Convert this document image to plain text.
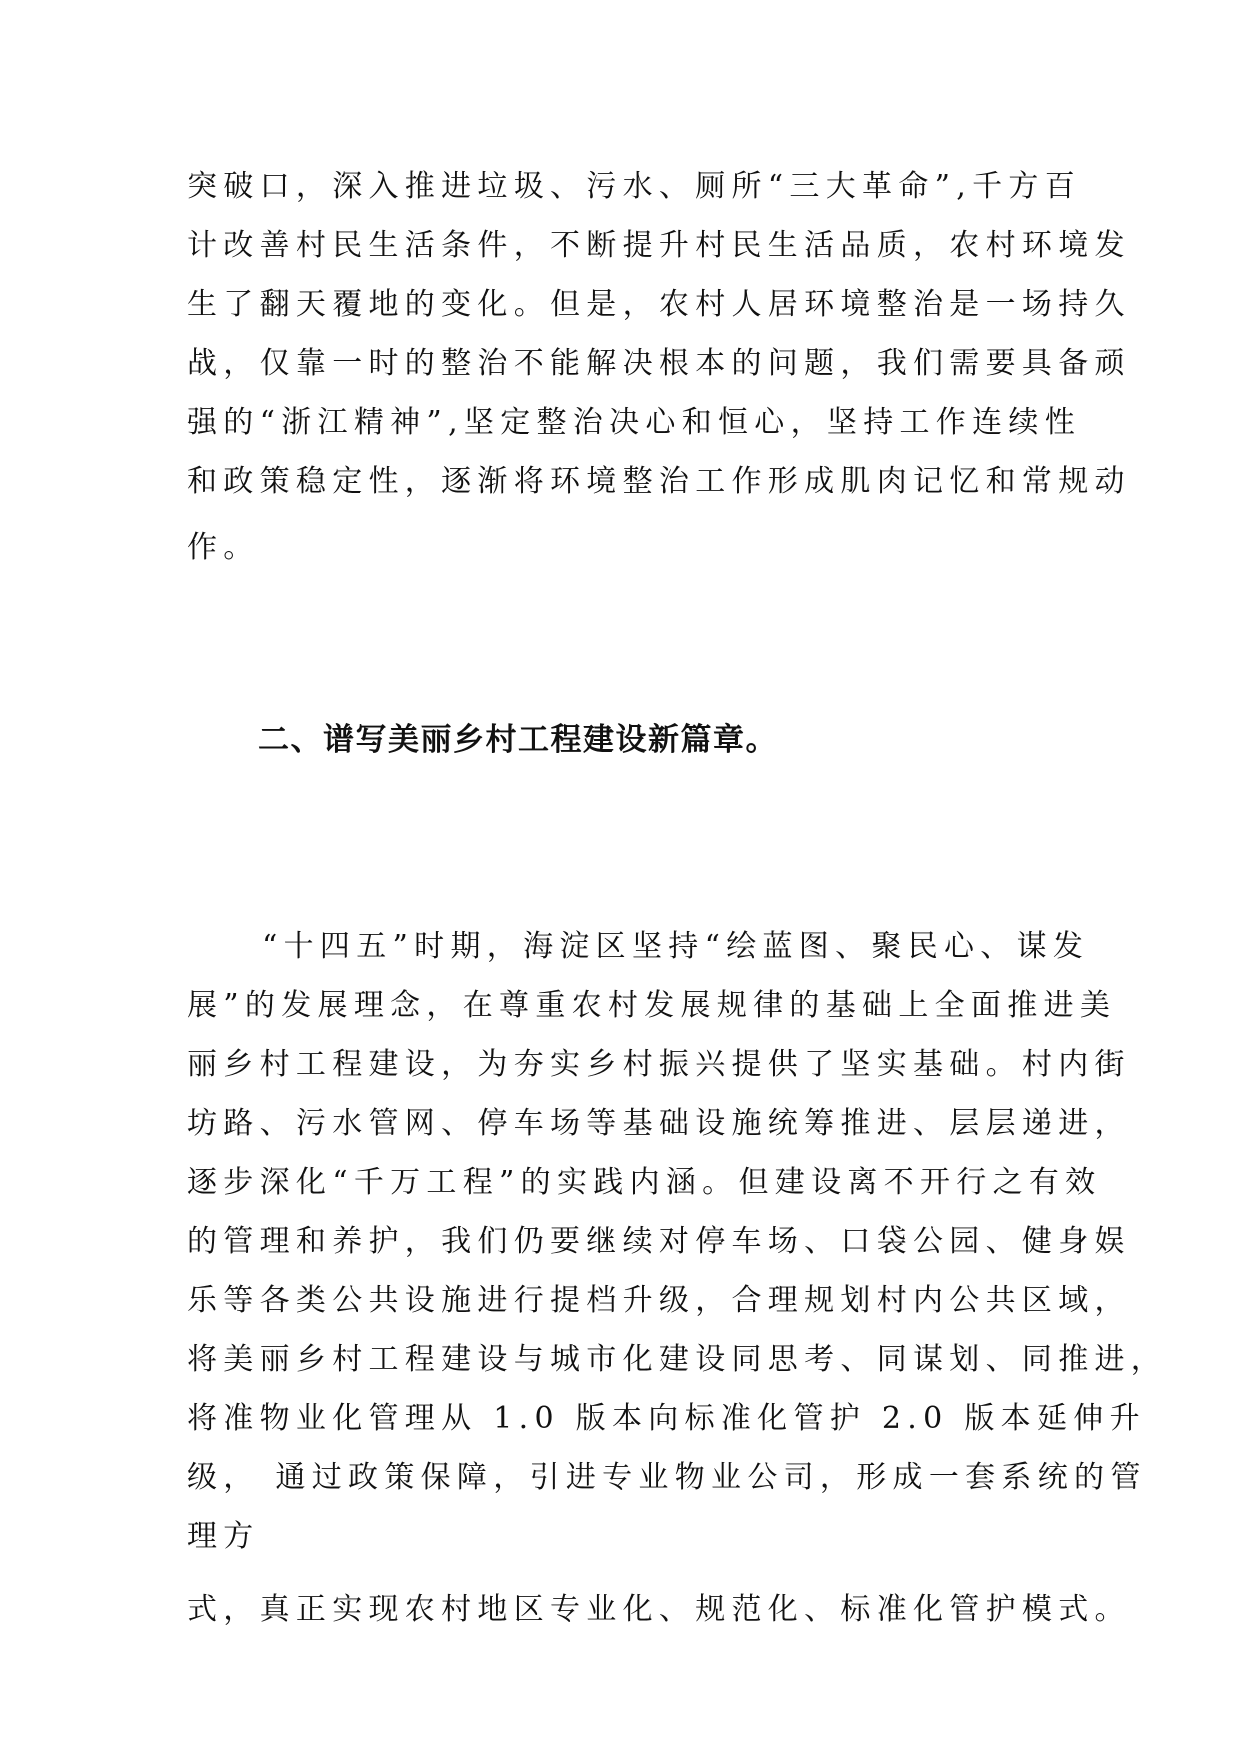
突破口，深入推进垃圾、污水、厕所“三大革命”,千方百
计改善村民生活条件，不断提升村民生活品质，农村环境发
生了翻天覆地的变化。但是，农村人居环境整治是一场持久
战，仅靠一时的整治不能解决根本的问题，我们需要具备顽
强的“浙江精神”,坚定整治决心和恒心，坚持工作连续性
和政策稳定性，逐渐将环境整治工作形成肌肉记忆和常规动
作。
二、谱写美丽乡村工程建设新篇章。
“十四五”时期，海淀区坚持“绘蓝图、聚民心、谋发
展”的发展理念，在尊重农村发展规律的基础上全面推进美
丽乡村工程建设，为夯实乡村振兴提供了坚实基础。村内街
坊路、污水管网、停车场等基础设施统筹推进、层层递进，
逐步深化“千万工程”的实践内涵。但建设离不开行之有效
的管理和养护，我们仍要继续对停车场、口袋公园、健身娱
乐等各类公共设施进行提档升级，合理规划村内公共区域，
将美丽乡村工程建设与城市化建设同思考、同谋划、同推进，
将准物业化管理从 1.0 版本向标准化管护 2.0 版本延伸升
级， 通过政策保障，引进专业物业公司，形成一套系统的管
理方
式，真正实现农村地区专业化、规范化、标准化管护模式。
